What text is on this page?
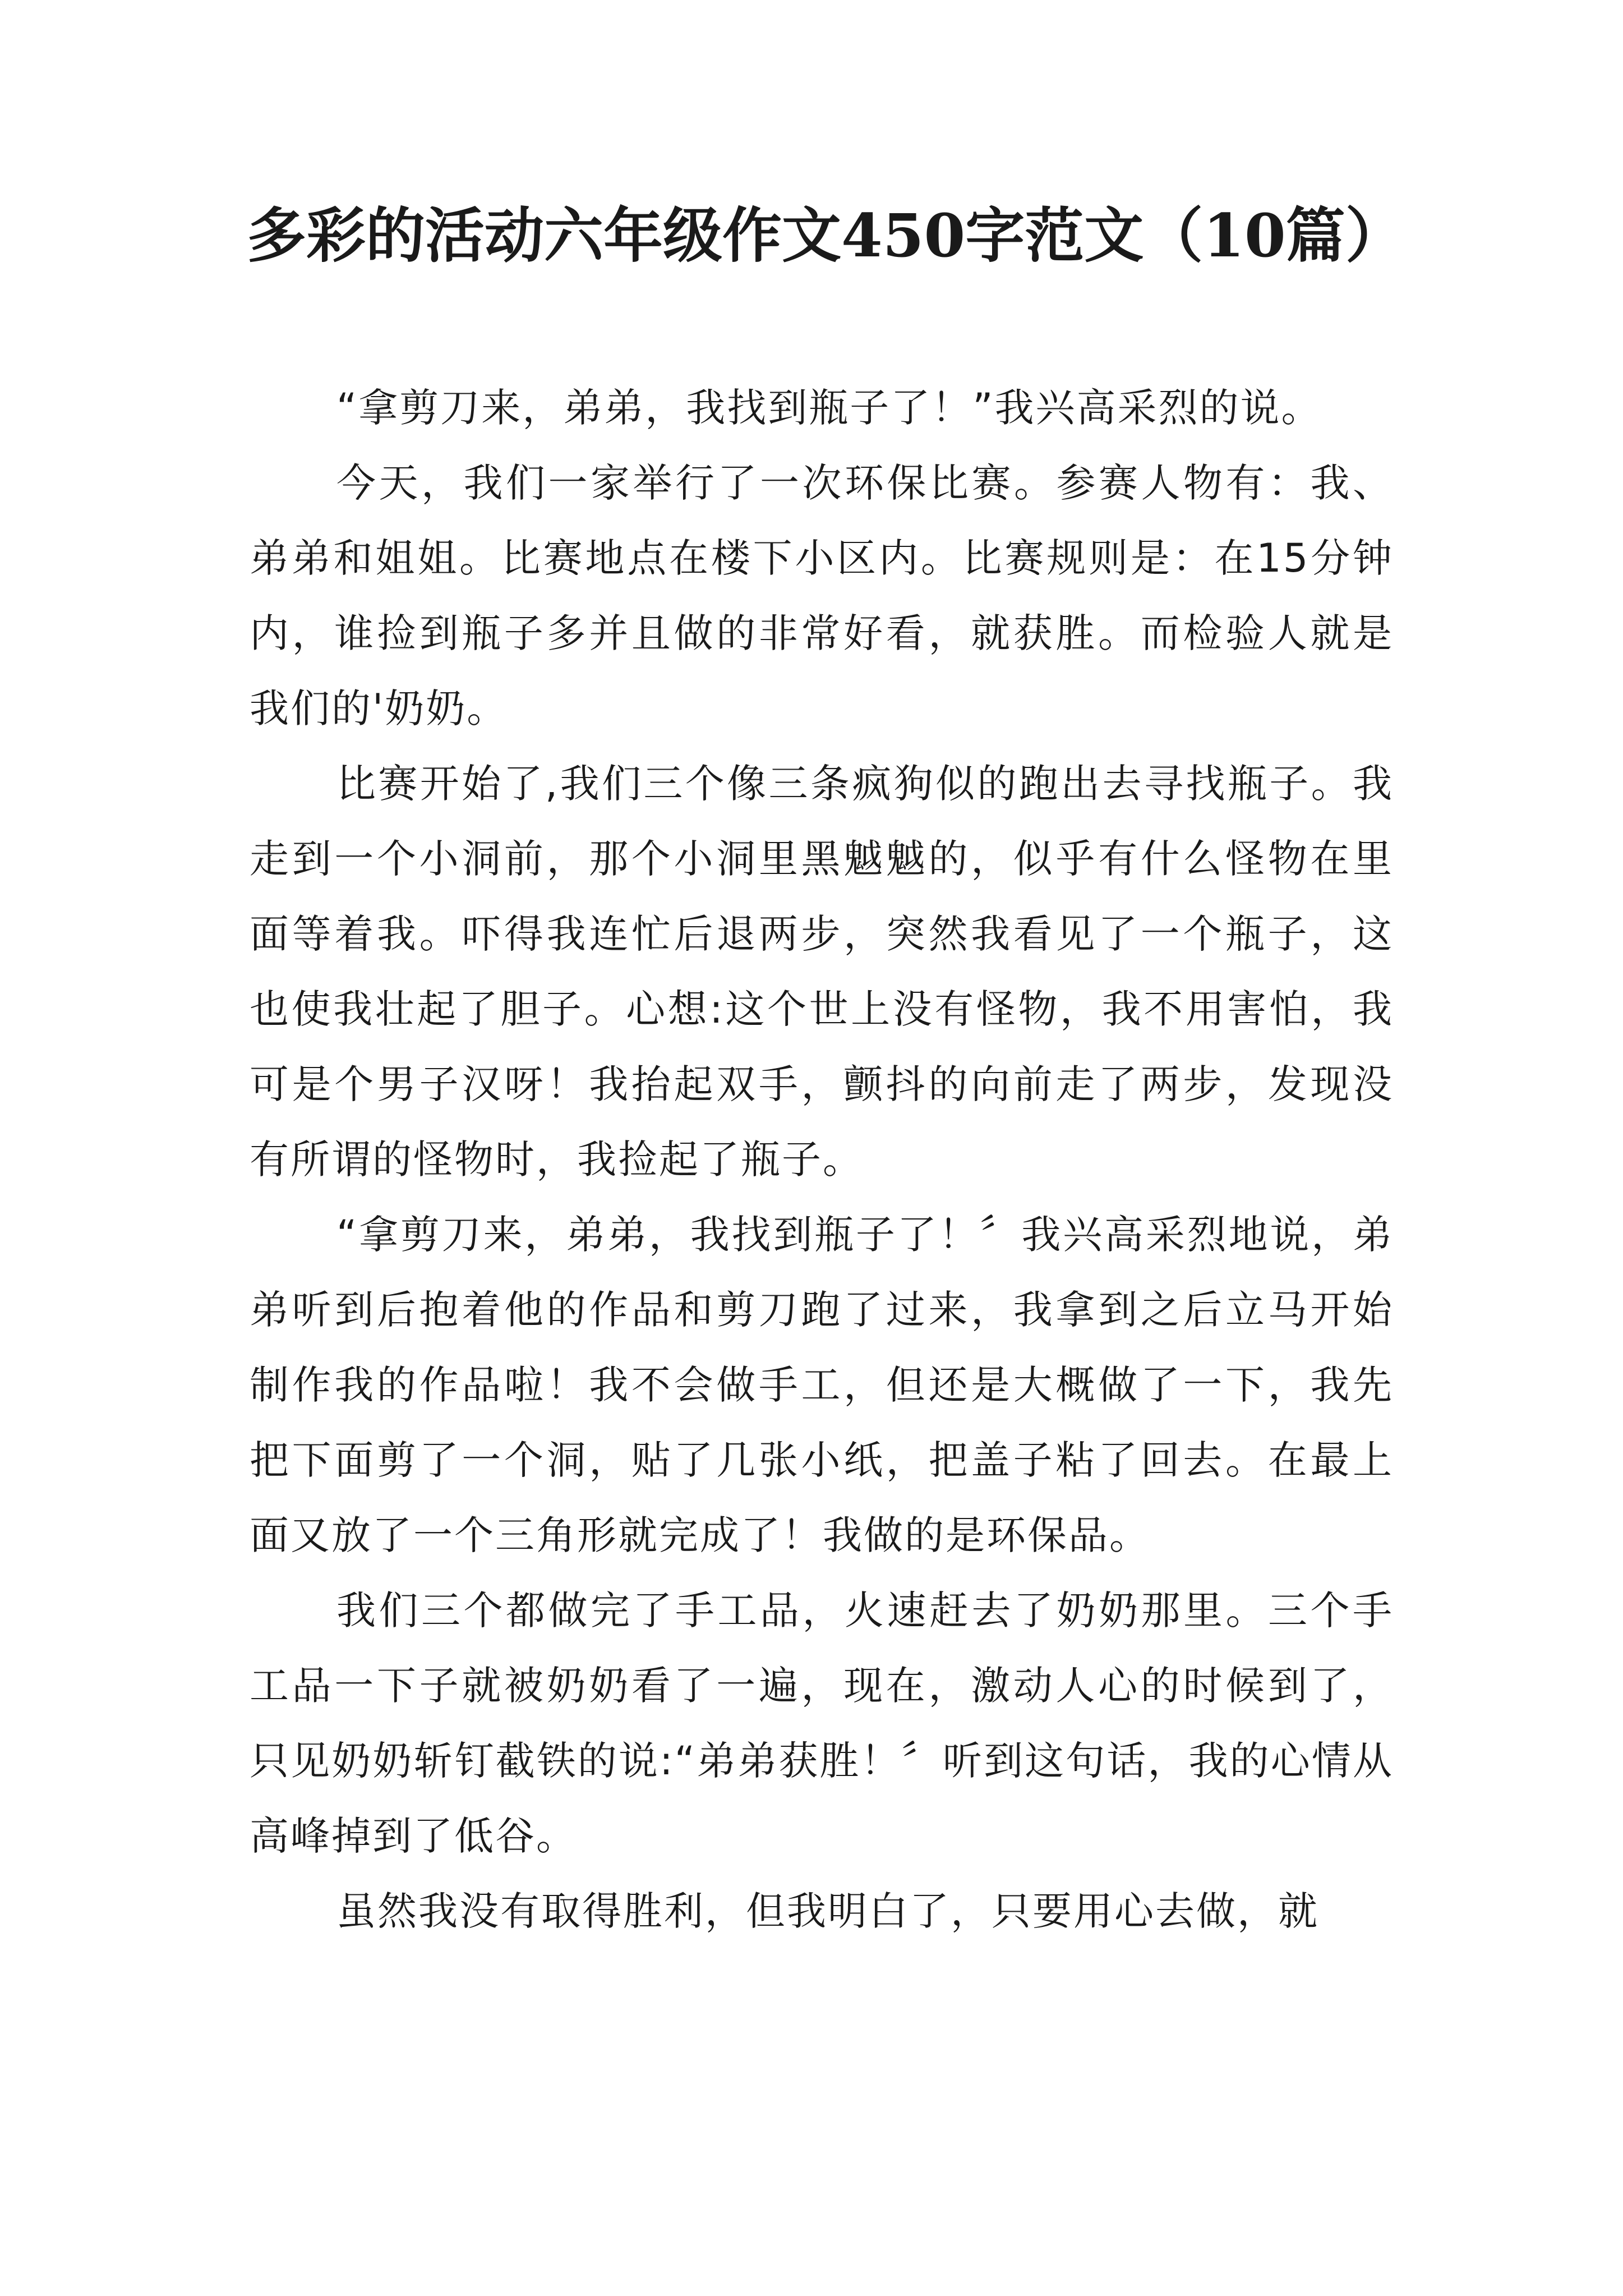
多彩的活动六年级作文450字范文（10篇）

“拿剪刀来，弟弟，我找到瓶子了！”我兴高采烈的说。

今天，我们一家举行了一次环保比赛。参赛人物有：我、弟弟和姐姐。比赛地点在楼下小区内。比赛规则是：在15分钟内，谁捡到瓶子多并且做的非常好看，就获胜。而检验人就是我们的'奶奶。

比赛开始了,我们三个像三条疯狗似的跑出去寻找瓶子。我走到一个小洞前，那个小洞里黑魆魆的，似乎有什么怪物在里面等着我。吓得我连忙后退两步，突然我看见了一个瓶子，这也使我壮起了胆子。心想:这个世上没有怪物，我不用害怕，我可是个男子汉呀！我抬起双手，颤抖的向前走了两步，发现没有所谓的怪物时，我捡起了瓶子。

“拿剪刀来，弟弟，我找到瓶子了！〞我兴高采烈地说，弟弟听到后抱着他的作品和剪刀跑了过来，我拿到之后立马开始制作我的作品啦！我不会做手工，但还是大概做了一下，我先把下面剪了一个洞，贴了几张小纸，把盖子粘了回去。在最上面又放了一个三角形就完成了！我做的是环保品。

我们三个都做完了手工品，火速赶去了奶奶那里。三个手工品一下子就被奶奶看了一遍，现在，激动人心的时候到了，只见奶奶斩钉截铁的说:“弟弟获胜！〞听到这句话，我的心情从高峰掉到了低谷。

虽然我没有取得胜利，但我明白了，只要用心去做，就
